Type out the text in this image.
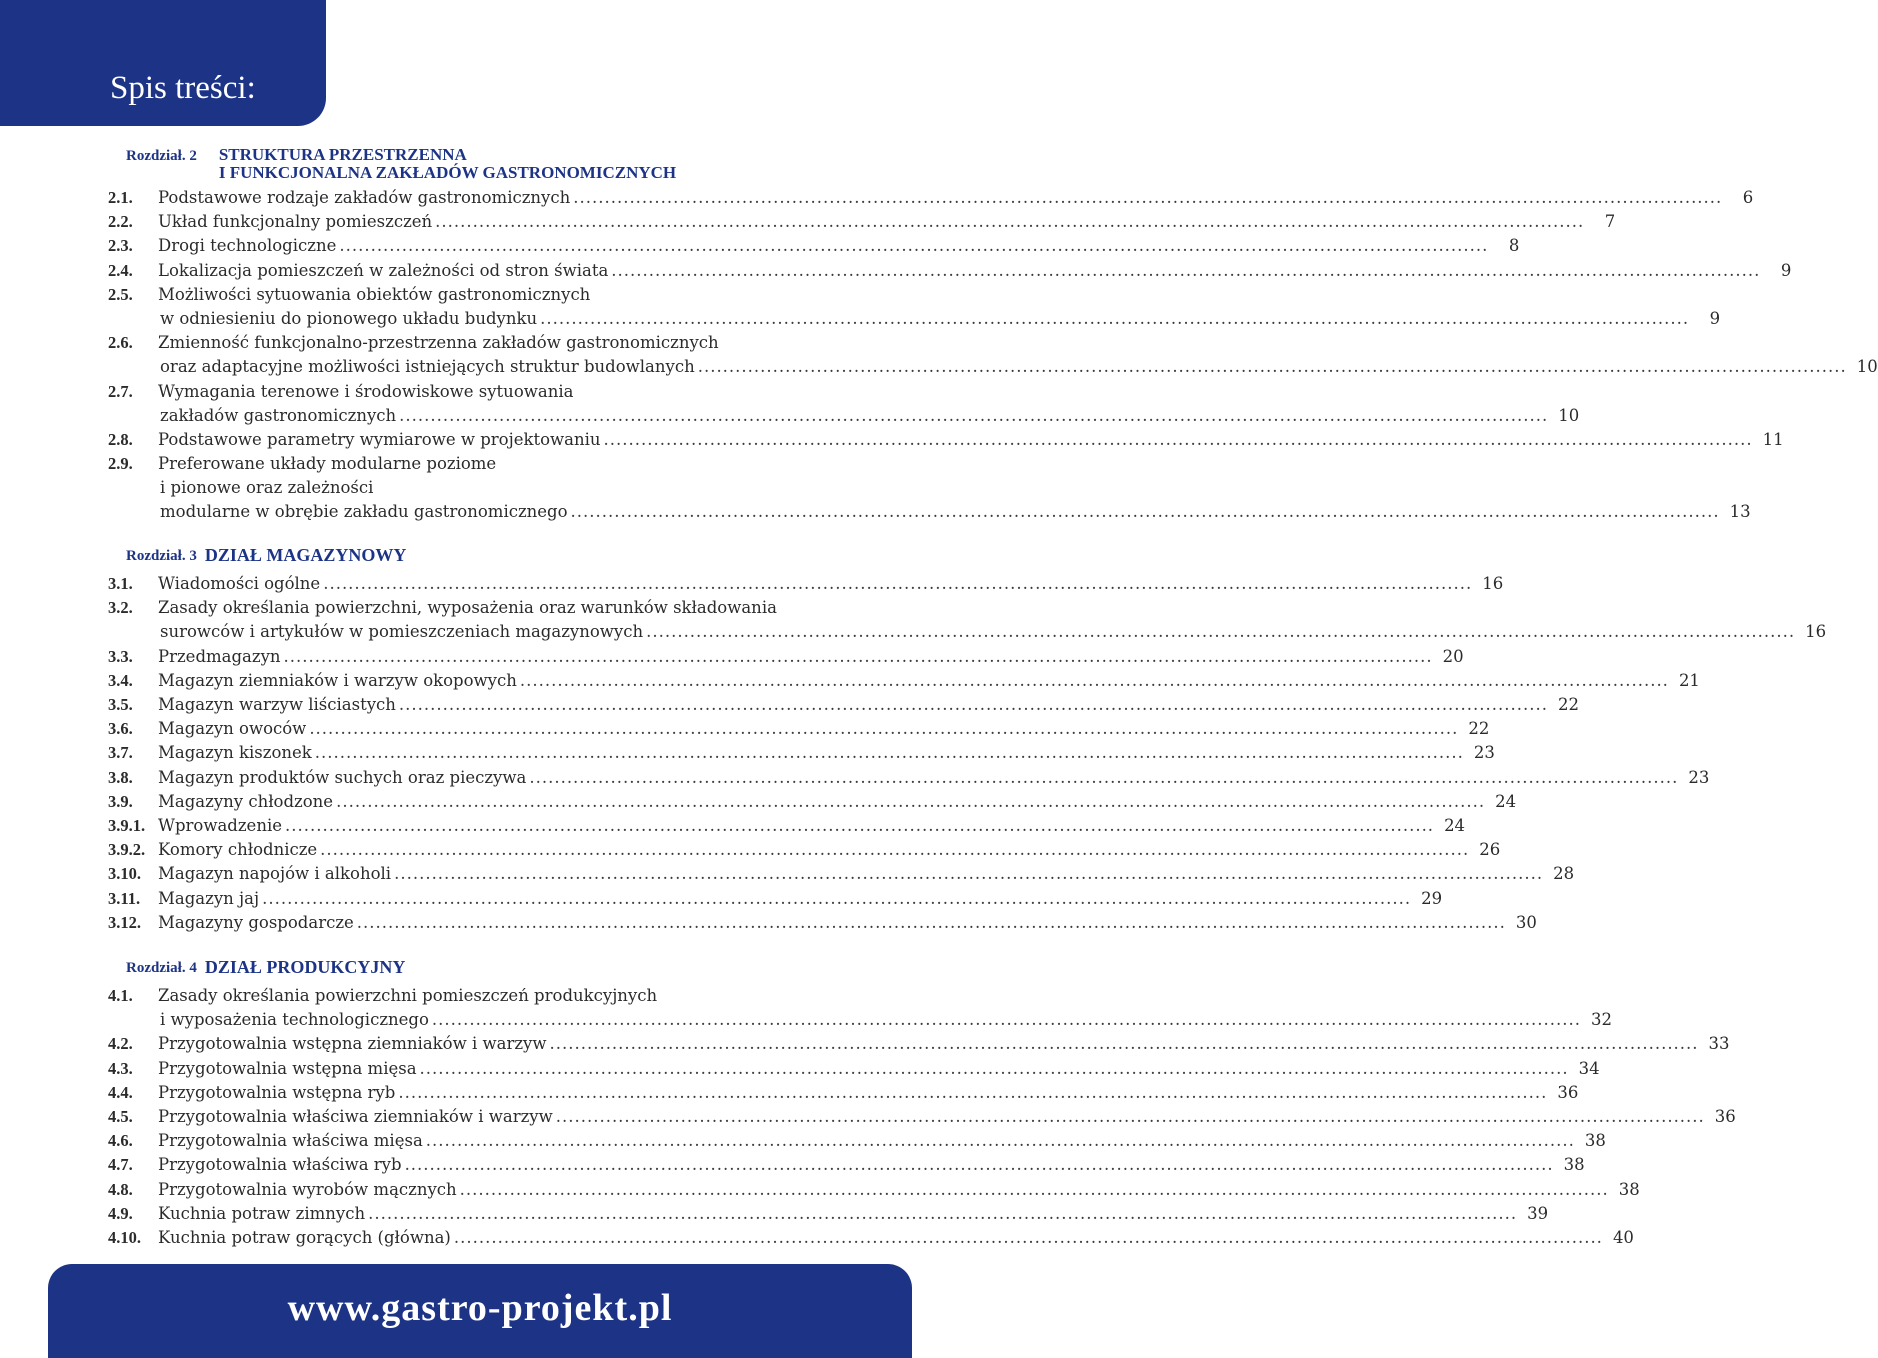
Spis treści:
Rozdział. 2 STRUKTURA PRZESTRZENNA
I FUNKCJONALNA ZAKŁADÓW GASTRONOMICZNYCH
2.1. Podstawowe rodzaje zakładów gastronomicznych ........................................................................................................................................................................................	6
2.2. Układ funkcjonalny pomieszczeń ........................................................................................................................................................................................	7
2.3. Drogi technologiczne ........................................................................................................................................................................................	8
2.4. Lokalizacja pomieszczeń w zależności od stron świata ........................................................................................................................................................................................	9
2.5. Możliwości sytuowania obiektów gastronomicznych
w odniesieniu do pionowego układu budynku ........................................................................................................................................................................................	9
2.6. Zmienność funkcjonalno-przestrzenna zakładów gastronomicznych
oraz adaptacyjne możliwości istniejących struktur budowlanych ........................................................................................................................................................................................ 10
2.7. Wymagania terenowe i środowiskowe sytuowania
zakładów gastronomicznych ........................................................................................................................................................................................ 10
2.8. Podstawowe parametry wymiarowe w projektowaniu ........................................................................................................................................................................................ 11
2.9. Preferowane układy modularne poziome
i pionowe oraz zależności
modularne w obrębie zakładu gastronomicznego ........................................................................................................................................................................................ 13
Rozdział. 3 DZIAŁ MAGAZYNOWY
3.1. Wiadomości ogólne ........................................................................................................................................................................................ 16
3.2. Zasady określania powierzchni, wyposażenia oraz warunków składowania
surowców i artykułów w pomieszczeniach magazynowych ........................................................................................................................................................................................ 16
3.3. Przedmagazyn ........................................................................................................................................................................................ 20
3.4. Magazyn ziemniaków i warzyw okopowych ........................................................................................................................................................................................ 21
3.5. Magazyn warzyw liściastych ........................................................................................................................................................................................ 22
3.6. Magazyn owoców ........................................................................................................................................................................................ 22
3.7. Magazyn kiszonek ........................................................................................................................................................................................ 23
3.8. Magazyn produktów suchych oraz pieczywa ........................................................................................................................................................................................ 23
3.9. Magazyny chłodzone ........................................................................................................................................................................................ 24
3.9.1. Wprowadzenie ........................................................................................................................................................................................ 24
3.9.2. Komory chłodnicze ........................................................................................................................................................................................ 26
3.10. Magazyn napojów i alkoholi ........................................................................................................................................................................................ 28
3.11. Magazyn jaj ........................................................................................................................................................................................ 29
3.12. Magazyny gospodarcze ........................................................................................................................................................................................ 30
Rozdział. 4 DZIAŁ PRODUKCYJNY
4.1. Zasady określania powierzchni pomieszczeń produkcyjnych
i wyposażenia technologicznego ........................................................................................................................................................................................ 32
4.2. Przygotowalnia wstępna ziemniaków i warzyw ........................................................................................................................................................................................ 33
4.3. Przygotowalnia wstępna mięsa ........................................................................................................................................................................................ 34
4.4. Przygotowalnia wstępna ryb ........................................................................................................................................................................................ 36
4.5. Przygotowalnia właściwa ziemniaków i warzyw ........................................................................................................................................................................................ 36
4.6. Przygotowalnia właściwa mięsa ........................................................................................................................................................................................ 38
4.7. Przygotowalnia właściwa ryb ........................................................................................................................................................................................ 38
4.8. Przygotowalnia wyrobów mącznych ........................................................................................................................................................................................ 38
4.9. Kuchnia potraw zimnych ........................................................................................................................................................................................ 39
4.10. Kuchnia potraw gorących (główna) ........................................................................................................................................................................................ 40
www.gastro-projekt.pl
